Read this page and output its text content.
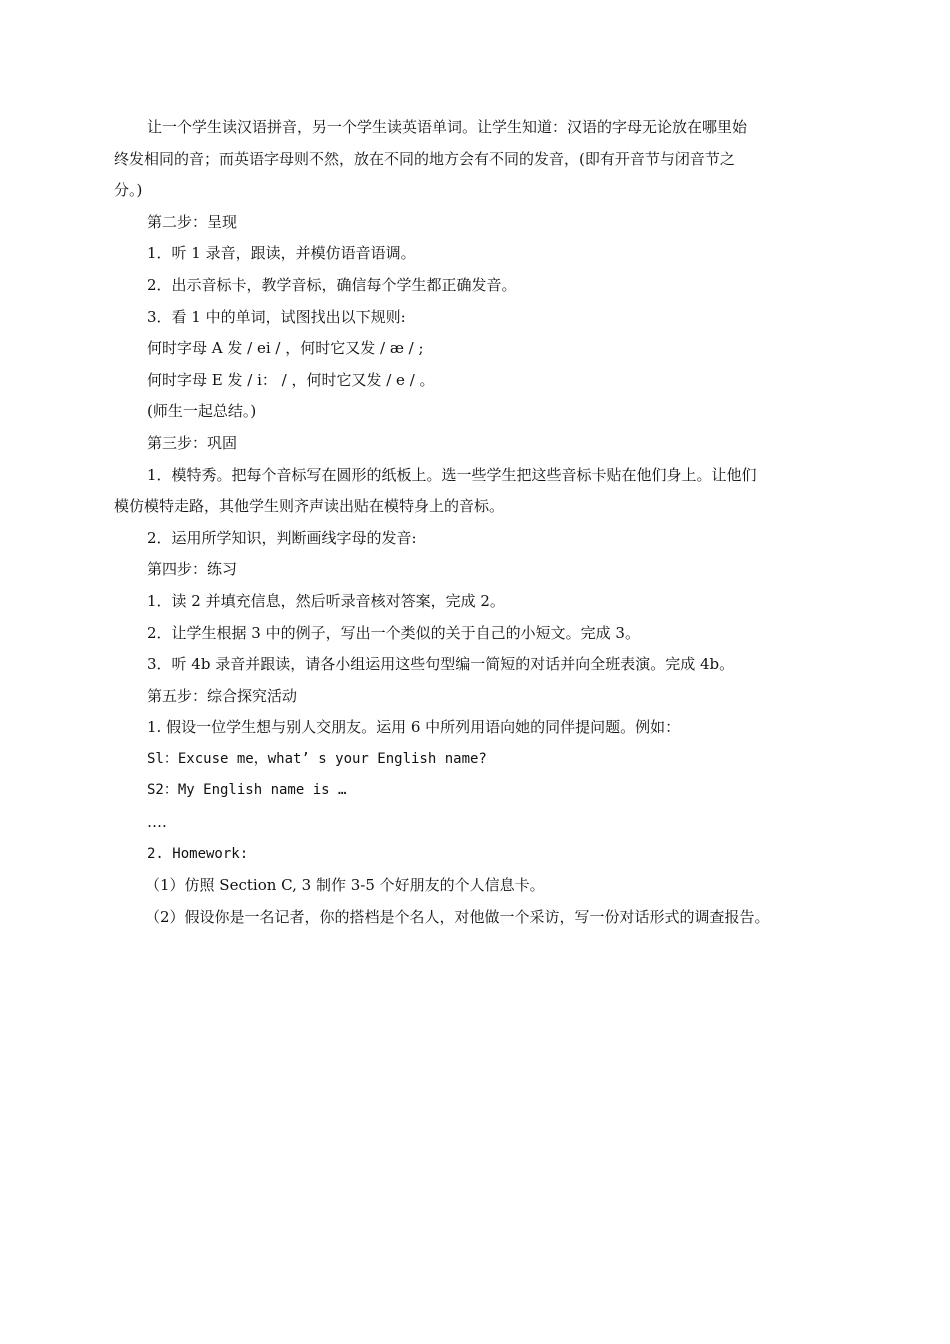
让一个学生读汉语拼音，另一个学生读英语单词。让学生知道：汉语的字母无论放在哪里始

终发相同的音；而英语字母则不然，放在不同的地方会有不同的发音，(即有开音节与闭音节之

分。)

第二步：呈现

1．听 1 录音，跟读，并模仿语音语调。

2．出示音标卡，教学音标，确信每个学生都正确发音。

3．看 1 中的单词，试图找出以下规则:

何时字母 A 发 / ei / ，何时它又发 / æ / ;

何时字母 E 发 / i： / ，何时它又发 / e / 。

(师生一起总结。)

第三步：巩固

1．模特秀。把每个音标写在圆形的纸板上。选一些学生把这些音标卡贴在他们身上。让他们

模仿模特走路，其他学生则齐声读出贴在模特身上的音标。

2．运用所学知识，判断画线字母的发音:

第四步：练习

1．读 2 并填充信息，然后听录音核对答案，完成 2。

2．让学生根据 3 中的例子，写出一个类似的关于自己的小短文。完成 3。

3．听 4b 录音并跟读，请各小组运用这些句型编一简短的对话并向全班表演。完成 4b。

第五步：综合探究活动

1. 假设一位学生想与别人交朋友。运用 6 中所列用语向她的同伴提问题。例如：

Sl：Excuse me，what’ s your English name?

S2：My English name is …

….

2. Homework:

（1）仿照 Section C, 3 制作 3-5 个好朋友的个人信息卡。

（2）假设你是一名记者，你的搭档是个名人，对他做一个采访，写一份对话形式的调查报告。
